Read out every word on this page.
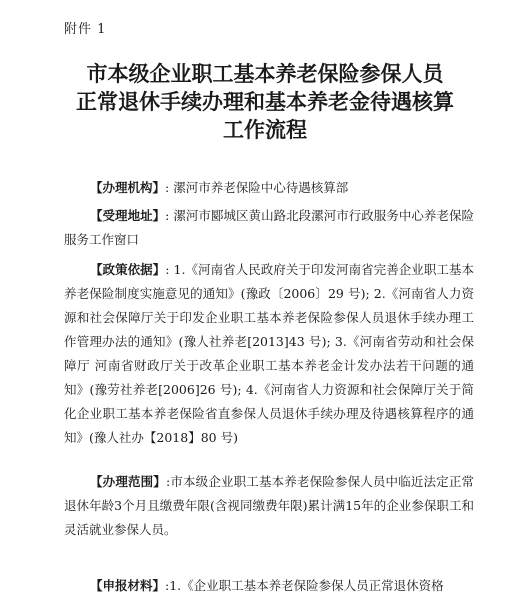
附件 1
市本级企业职工基本养老保险参保人员
正常退休手续办理和基本养老金待遇核算
工作流程
【办理机构】: 漯河市养老保险中心待遇核算部
【受理地址】: 漯河市郾城区黄山路北段漯河市行政服务中心养老保险服务工作窗口
【政策依据】: 1.《河南省人民政府关于印发河南省完善企业职工基本养老保险制度实施意见的通知》(豫政〔2006〕29 号); 2.《河南省人力资源和社会保障厅关于印发企业职工基本养老保险参保人员退休手续办理工作管理办法的通知》(豫人社养老[2013]43 号); 3.《河南省劳动和社会保障厅 河南省财政厅关于改革企业职工基本养老金计发办法若干问题的通知》(豫劳社养老[2006]26 号); 4.《河南省人力资源和社会保障厅关于简化企业职工基本养老保险省直参保人员退休手续办理及待遇核算程序的通知》(豫人社办【2018】80 号)
【办理范围】:市本级企业职工基本养老保险参保人员中临近法定正常退休年龄3个月且缴费年限(含视同缴费年限)累计满15年的企业参保职工和灵活就业参保人员。
【申报材料】:1.《企业职工基本养老保险参保人员正常退休资格
